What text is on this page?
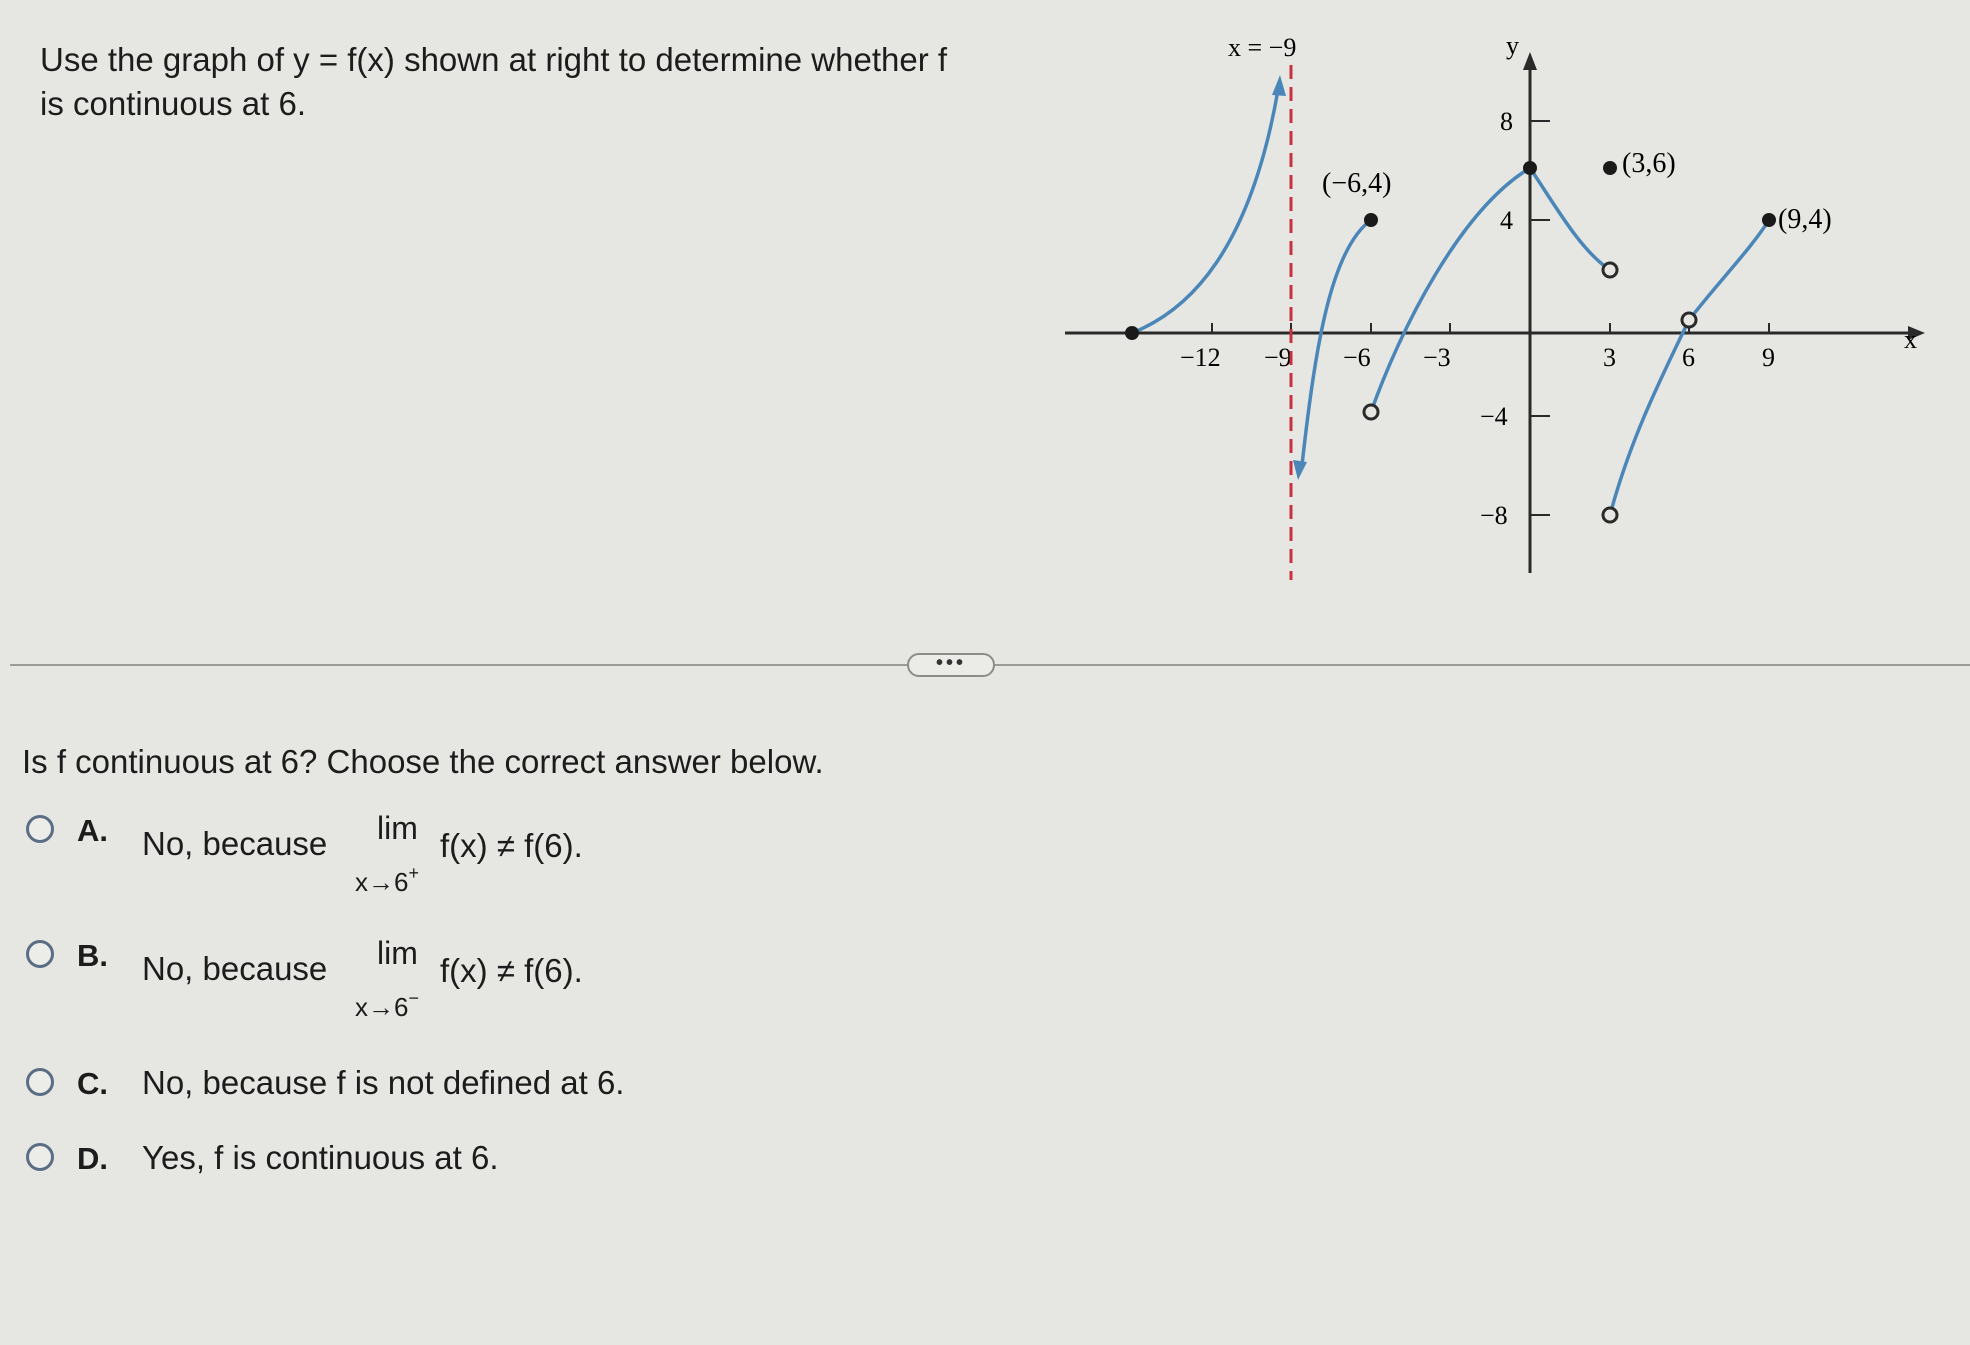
Use the graph of y = f(x) shown at right to determine whether f
is continuous at 6.
x
y
−12 −9 −6 −3	3	6	9
8
4
−4
−8
x = −9
(−6,4)
(3,6)
(9,4)
•••
Is f continuous at 6? Choose the correct answer below.
A. No, because lim
x→6+
f(x) ≠ f(6).
B. No, because lim
x→6−
f(x) ≠ f(6).
C. No, because f is not defined at 6.
D. Yes, f is continuous at 6.
